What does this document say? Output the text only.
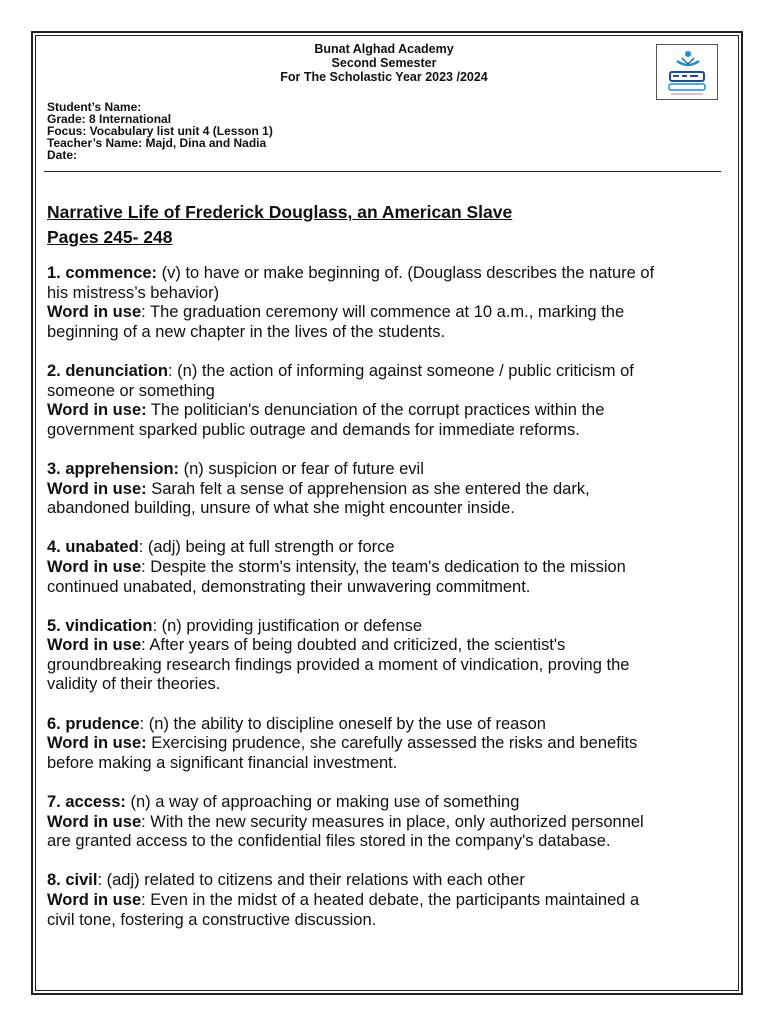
Bunat Alghad Academy
Second Semester
For The Scholastic Year 2023 /2024
Student’s Name:
Grade: 8 International
Focus: Vocabulary list unit 4 (Lesson 1)
Teacher’s Name: Majd, Dina and Nadia
Date:
Narrative Life of Frederick Douglass, an American Slave
Pages 245- 248
1. commence: (v) to have or make beginning of. (Douglass describes the nature of
his mistress’s behavior)
Word in use: The graduation ceremony will commence at 10 a.m., marking the
beginning of a new chapter in the lives of the students.
2. denunciation: (n) the action of informing against someone / public criticism of
someone or something
Word in use: The politician's denunciation of the corrupt practices within the
government sparked public outrage and demands for immediate reforms.
3. apprehension: (n) suspicion or fear of future evil
Word in use: Sarah felt a sense of apprehension as she entered the dark,
abandoned building, unsure of what she might encounter inside.
4. unabated: (adj) being at full strength or force
Word in use: Despite the storm's intensity, the team's dedication to the mission
continued unabated, demonstrating their unwavering commitment.
5. vindication: (n) providing justification or defense
Word in use: After years of being doubted and criticized, the scientist's
groundbreaking research findings provided a moment of vindication, proving the
validity of their theories.
6. prudence: (n) the ability to discipline oneself by the use of reason
Word in use: Exercising prudence, she carefully assessed the risks and benefits
before making a significant financial investment.
7. access: (n) a way of approaching or making use of something
Word in use: With the new security measures in place, only authorized personnel
are granted access to the confidential files stored in the company's database.
8. civil: (adj) related to citizens and their relations with each other
Word in use: Even in the midst of a heated debate, the participants maintained a
civil tone, fostering a constructive discussion.
